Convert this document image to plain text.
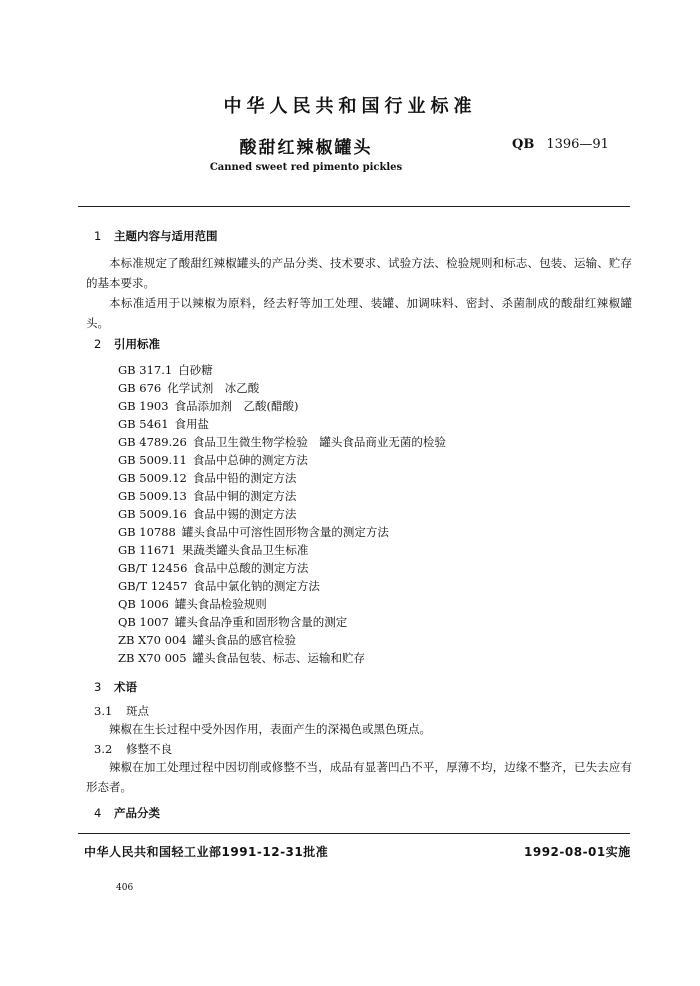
中华人民共和国行业标准
酸甜红辣椒罐头	QB 1396—91
Canned sweet red pimento pickles
1 主题内容与适用范围
本标准规定了酸甜红辣椒罐头的产品分类、技术要求、试验方法、检验规则和标志、包装、运输、贮存的基本要求。
本标准适用于以辣椒为原料，经去籽等加工处理、装罐、加调味料、密封、杀菌制成的酸甜红辣椒罐头。
2 引用标准
GB 317.1 白砂糖
GB 676 化学试剂　冰乙酸
GB 1903 食品添加剂　乙酸(醋酸)
GB 5461 食用盐
GB 4789.26 食品卫生微生物学检验　罐头食品商业无菌的检验
GB 5009.11 食品中总砷的测定方法
GB 5009.12 食品中铅的测定方法
GB 5009.13 食品中铜的测定方法
GB 5009.16 食品中锡的测定方法
GB 10788 罐头食品中可溶性固形物含量的测定方法
GB 11671 果蔬类罐头食品卫生标准
GB/T 12456 食品中总酸的测定方法
GB/T 12457 食品中氯化钠的测定方法
QB 1006 罐头食品检验规则
QB 1007 罐头食品净重和固形物含量的测定
ZB X70 004 罐头食品的感官检验
ZB X70 005 罐头食品包装、标志、运输和贮存
3 术语
3.1 斑点
辣椒在生长过程中受外因作用，表面产生的深褐色或黑色斑点。
3.2 修整不良
辣椒在加工处理过程中因切削或修整不当，成品有显著凹凸不平，厚薄不均，边缘不整齐，已失去应有形态者。
4 产品分类
中华人民共和国轻工业部1991-12-31批准	1992-08-01实施
406
